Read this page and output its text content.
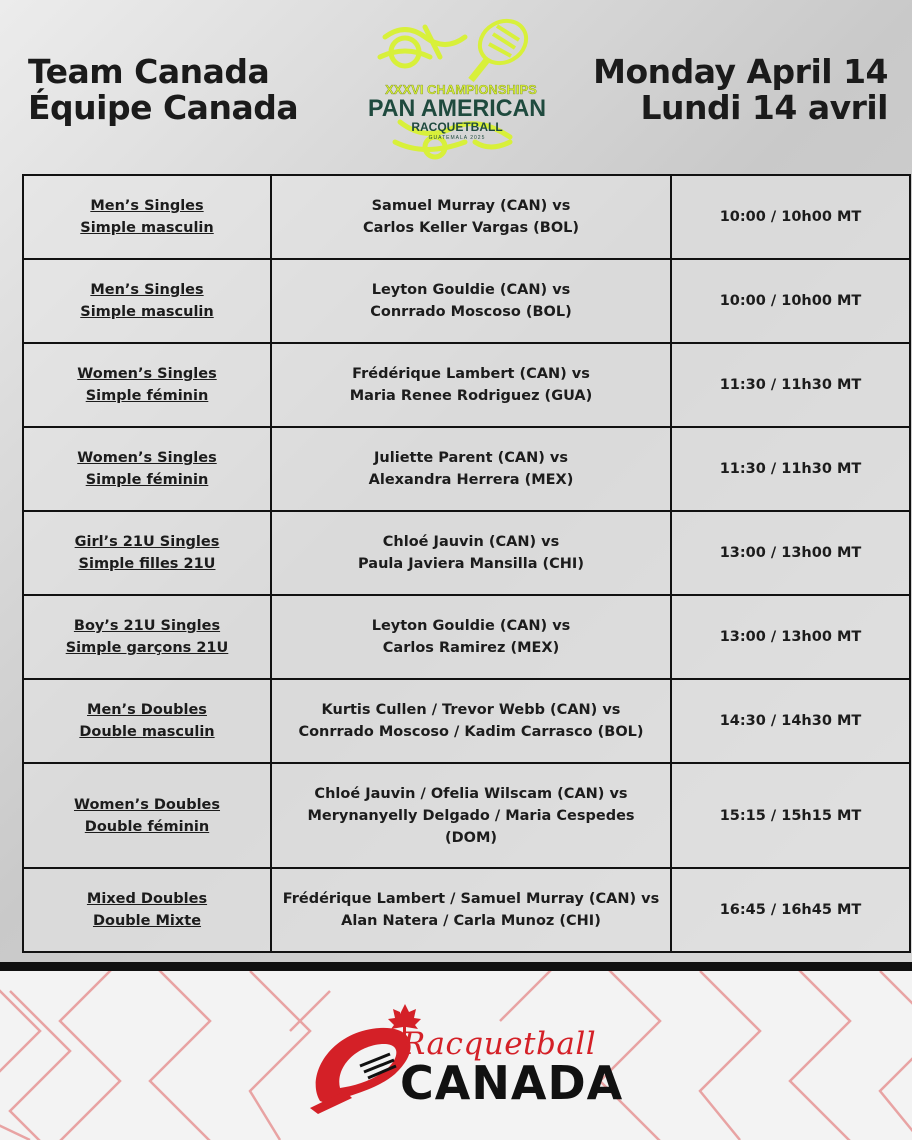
Team Canada
Équipe Canada	XXXVI CHAMPIONSHIPS
PAN AMERICAN
RACQUETBALL
GUATEMALA 2025
Monday April 14
Lundi 14 avril
Men’s Singles
Simple masculin	Samuel Murray (CAN) vs
Carlos Keller Vargas (BOL)	10:00 / 10h00 MT

Men’s Singles
Simple masculin	Leyton Gouldie (CAN) vs
Conrrado Moscoso (BOL)	10:00 / 10h00 MT

Women’s Singles
Simple féminin	Frédérique Lambert (CAN) vs
Maria Renee Rodriguez (GUA)	11:30 / 11h30 MT

Women’s Singles
Simple féminin	Juliette Parent (CAN) vs
Alexandra Herrera (MEX)	11:30 / 11h30 MT

Girl’s 21U Singles
Simple filles 21U	Chloé Jauvin (CAN) vs
Paula Javiera Mansilla (CHI)	13:00 / 13h00 MT

Boy’s 21U Singles
Simple garçons 21U	Leyton Gouldie (CAN) vs
Carlos Ramirez (MEX)	13:00 / 13h00 MT

Men’s Doubles
Double masculin	Kurtis Cullen / Trevor Webb (CAN) vs
Conrrado Moscoso / Kadim Carrasco (BOL)	14:30 / 14h30 MT

Women’s Doubles
Double féminin	Chloé Jauvin / Ofelia Wilscam (CAN) vs
Merynanyelly Delgado / Maria Cespedes
(DOM)	15:15 / 15h15 MT

Mixed Doubles
Double Mixte	Frédérique Lambert / Samuel Murray (CAN) vs
Alan Natera / Carla Munoz (CHI)	16:45 / 16h45 MT
Racquetball
CANADA
